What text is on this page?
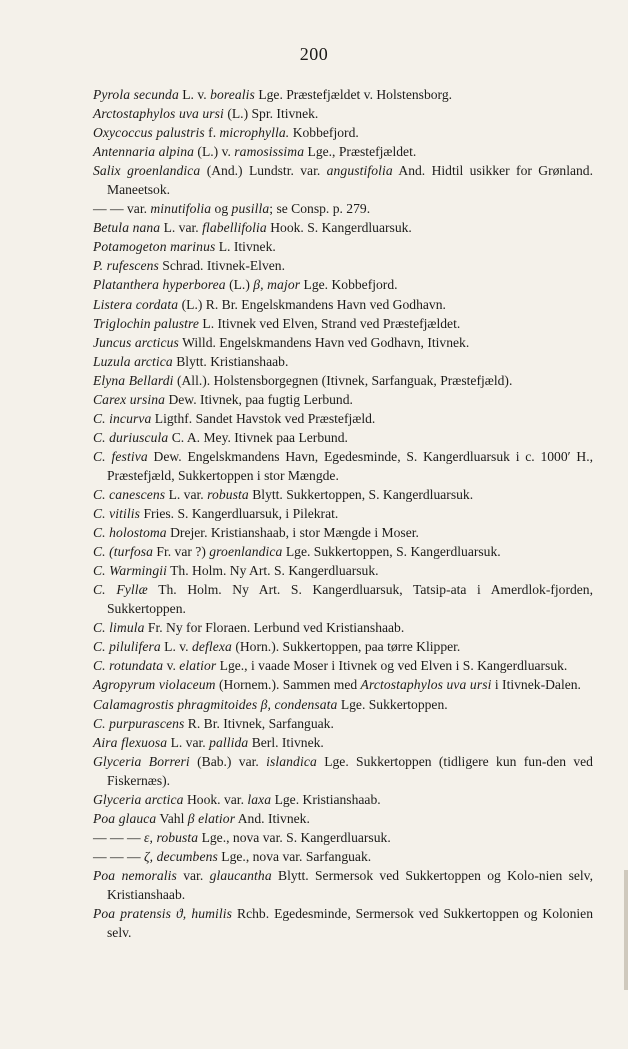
200
Pyrola secunda L. v. borealis Lge. Præstefjældet v. Holstensborg.
Arctostaphylos uva ursi (L.) Spr. Itivnek.
Oxycoccus palustris f. microphylla. Kobbefjord.
Antennaria alpina (L.) v. ramosissima Lge., Præstefjældet.
Salix groenlandica (And.) Lundstr. var. angustifolia And. Hidtil usikker for Grønland. Maneetsok.
— — var. minutifolia og pusilla; se Consp. p. 279.
Betula nana L. var. flabellifolia Hook. S. Kangerdluarsuk.
Potamogeton marinus L. Itivnek.
P. rufescens Schrad. Itivnek-Elven.
Platanthera hyperborea (L.) β, major Lge. Kobbefjord.
Listera cordata (L.) R. Br. Engelskmandens Havn ved Godhavn.
Triglochin palustre L. Itivnek ved Elven, Strand ved Præstefjældet.
Juncus arcticus Willd. Engelskmandens Havn ved Godhavn, Itivnek.
Luzula arctica Blytt. Kristianshaab.
Elyna Bellardi (All.). Holstensborgegnen (Itivnek, Sarfanguak, Præstefjæld).
Carex ursina Dew. Itivnek, paa fugtig Lerbund.
C. incurva Ligthf. Sandet Havstok ved Præstefjæld.
C. duriuscula C. A. Mey. Itivnek paa Lerbund.
C. festiva Dew. Engelskmandens Havn, Egedesminde, S. Kangerdluarsuk i c. 1000′ H., Præstefjæld, Sukkertoppen i stor Mængde.
C. canescens L. var. robusta Blytt. Sukkertoppen, S. Kangerdluarsuk.
C. vitilis Fries. S. Kangerdluarsuk, i Pilekrat.
C. holostoma Drejer. Kristianshaab, i stor Mængde i Moser.
C. (turfosa Fr. var ?) groenlandica Lge. Sukkertoppen, S. Kangerdluarsuk.
C. Warmingii Th. Holm. Ny Art. S. Kangerdluarsuk.
C. Fyllæ Th. Holm. Ny Art. S. Kangerdluarsuk, Tatsip-ata i Amerdlok-fjorden, Sukkertoppen.
C. limula Fr. Ny for Floraen. Lerbund ved Kristianshaab.
C. pilulifera L. v. deflexa (Horn.). Sukkertoppen, paa tørre Klipper.
C. rotundata v. elatior Lge., i vaade Moser i Itivnek og ved Elven i S. Kangerdluarsuk.
Agropyrum violaceum (Hornem.). Sammen med Arctostaphylos uva ursi i Itivnek-Dalen.
Calamagrostis phragmitoides β, condensata Lge. Sukkertoppen.
C. purpurascens R. Br. Itivnek, Sarfanguak.
Aira flexuosa L. var. pallida Berl. Itivnek.
Glyceria Borreri (Bab.) var. islandica Lge. Sukkertoppen (tidligere kun fun-den ved Fiskernæs).
Glyceria arctica Hook. var. laxa Lge. Kristianshaab.
Poa glauca Vahl β elatior And. Itivnek.
— — — ε, robusta Lge., nova var. S. Kangerdluarsuk.
— — — ζ, decumbens Lge., nova var. Sarfanguak.
Poa nemoralis var. glaucantha Blytt. Sermersok ved Sukkertoppen og Kolo-nien selv, Kristianshaab.
Poa pratensis ϑ, humilis Rchb. Egedesminde, Sermersok ved Sukkertoppen og Kolonien selv.
